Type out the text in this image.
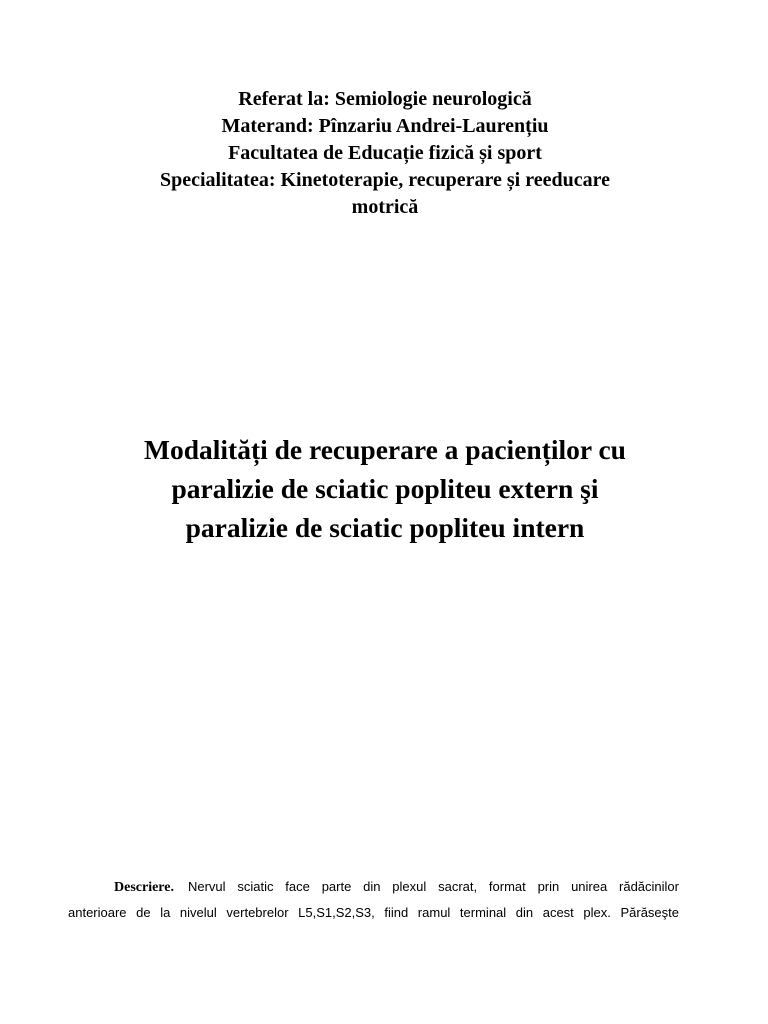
Referat la: Semiologie neurologică
Materand: Pînzariu Andrei-Laurențiu
Facultatea de Educație fizică și sport
Specialitatea: Kinetoterapie, recuperare și reeducare
motrică
Modalități de recuperare a pacienților cu
paralizie de sciatic popliteu extern şi
paralizie de sciatic popliteu intern
Descriere. Nervul sciatic face parte din plexul sacrat, format prin unirea rădăcinilor
anterioare de la nivelul vertebrelor L5,S1,S2,S3, fiind ramul terminal din acest plex. Părăseşte
